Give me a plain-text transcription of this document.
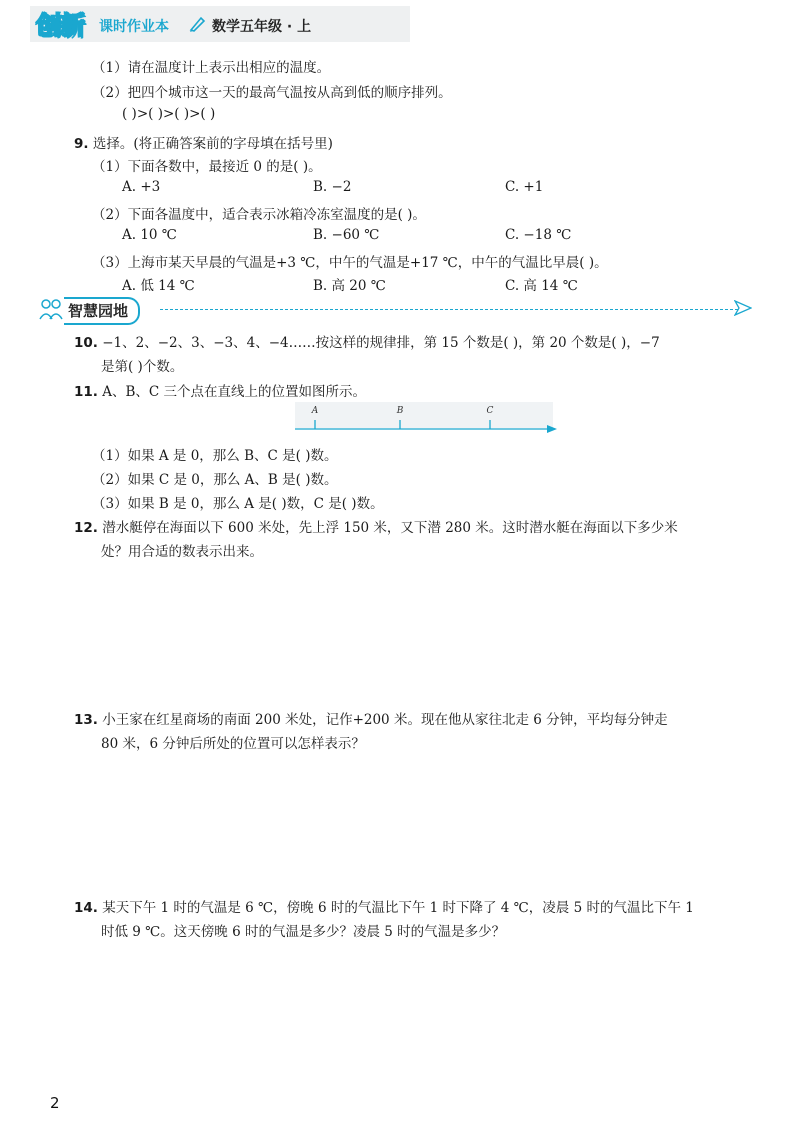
创新 课时作业本	数学五年级 · 上
（1）请在温度计上表示出相应的温度。
（2）把四个城市这一天的最高气温按从高到低的顺序排列。
( )>( )>( )>( )
9. 选择。(将正确答案前的字母填在括号里)
（1）下面各数中，最接近 0 的是( )。
A. +3	B. −2	C. +1
（2）下面各温度中，适合表示冰箱冷冻室温度的是( )。
A. 10 ℃	B. −60 ℃	C. −18 ℃
（3）上海市某天早晨的气温是+3 ℃，中午的气温是+17 ℃，中午的气温比早晨( )。
A. 低 14 ℃	B. 高 20 ℃	C. 高 14 ℃
智慧园地
10. −1、2、−2、3、−3、4、−4……按这样的规律排，第 15 个数是( )，第 20 个数是( )，−7
是第( )个数。
11. A、B、C 三个点在直线上的位置如图所示。
A	B	C
（1）如果 A 是 0，那么 B、C 是( )数。
（2）如果 C 是 0，那么 A、B 是( )数。
（3）如果 B 是 0，那么 A 是( )数，C 是( )数。
12. 潜水艇停在海面以下 600 米处，先上浮 150 米，又下潜 280 米。这时潜水艇在海面以下多少米
处？用合适的数表示出来。
13. 小王家在红星商场的南面 200 米处，记作+200 米。现在他从家往北走 6 分钟，平均每分钟走
80 米，6 分钟后所处的位置可以怎样表示？
14. 某天下午 1 时的气温是 6 ℃，傍晚 6 时的气温比下午 1 时下降了 4 ℃，凌晨 5 时的气温比下午 1
时低 9 ℃。这天傍晚 6 时的气温是多少？凌晨 5 时的气温是多少？
2
